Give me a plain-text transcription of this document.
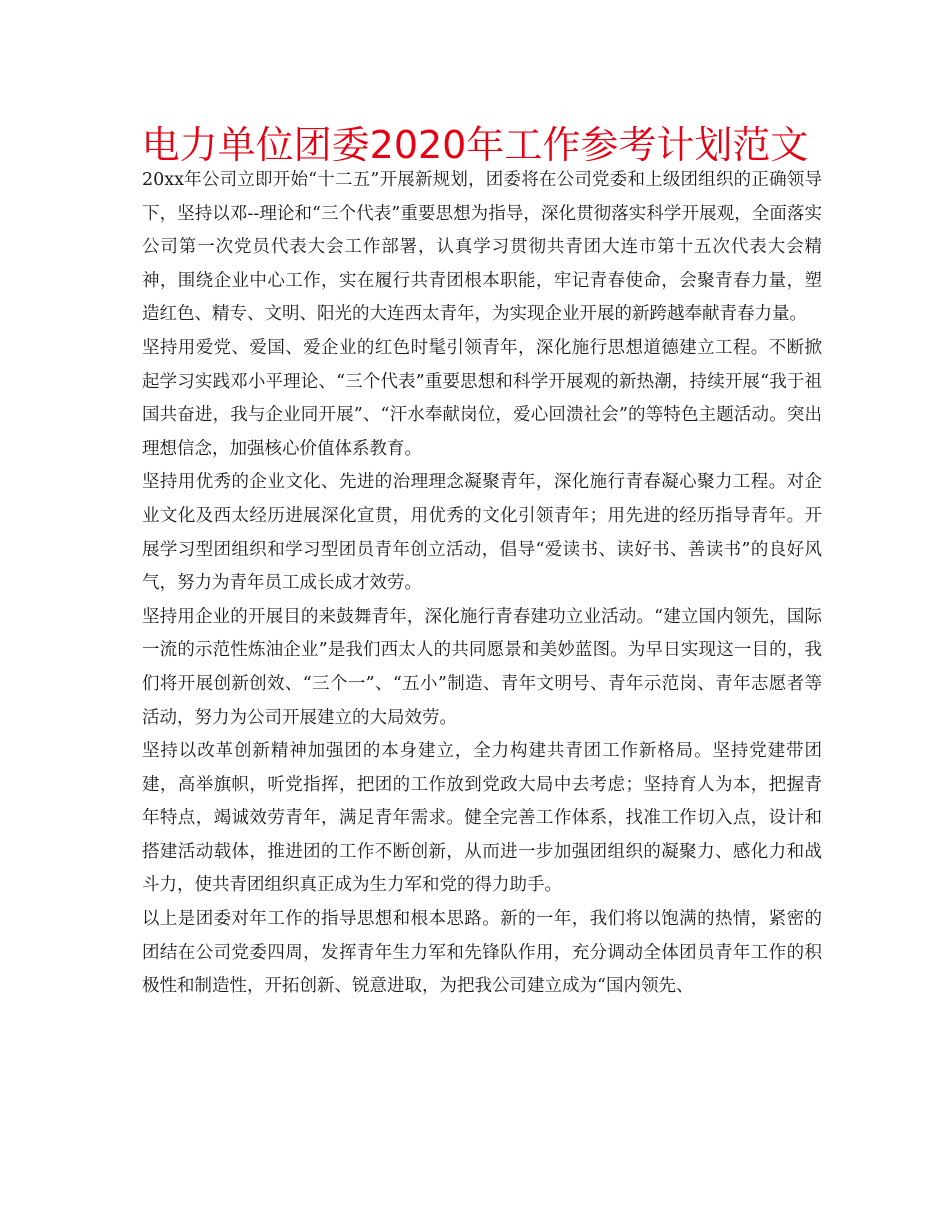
电力单位团委2020年工作参考计划范文

20xx年公司立即开始“十二五”开展新规划，团委将在公司党委和上级团组织的正确领导下，坚持以邓--理论和“三个代表”重要思想为指导，深化贯彻落实科学开展观，全面落实公司第一次党员代表大会工作部署，认真学习贯彻共青团大连市第十五次代表大会精神，围绕企业中心工作，实在履行共青团根本职能，牢记青春使命，会聚青春力量，塑造红色、精专、文明、阳光的大连西太青年，为实现企业开展的新跨越奉献青春力量。

坚持用爱党、爱国、爱企业的红色时髦引领青年，深化施行思想道德建立工程。不断掀起学习实践邓小平理论、“三个代表”重要思想和科学开展观的新热潮，持续开展“我于祖国共奋进，我与企业同开展”、“汗水奉献岗位，爱心回溃社会”的等特色主题活动。突出理想信念，加强核心价值体系教育。

坚持用优秀的企业文化、先进的治理理念凝聚青年，深化施行青春凝心聚力工程。对企业文化及西太经历进展深化宣贯，用优秀的文化引领青年；用先进的经历指导青年。开展学习型团组织和学习型团员青年创立活动，倡导“爱读书、读好书、善读书”的良好风气，努力为青年员工成长成才效劳。

坚持用企业的开展目的来鼓舞青年，深化施行青春建功立业活动。“建立国内领先，国际一流的示范性炼油企业”是我们西太人的共同愿景和美妙蓝图。为早日实现这一目的，我们将开展创新创效、“三个一”、“五小”制造、青年文明号、青年示范岗、青年志愿者等活动，努力为公司开展建立的大局效劳。

坚持以改革创新精神加强团的本身建立，全力构建共青团工作新格局。坚持党建带团建，高举旗帜，听党指挥，把团的工作放到党政大局中去考虑；坚持育人为本，把握青年特点，竭诚效劳青年，满足青年需求。健全完善工作体系，找准工作切入点，设计和搭建活动载体，推进团的工作不断创新，从而进一步加强团组织的凝聚力、感化力和战斗力，使共青团组织真正成为生力军和党的得力助手。

以上是团委对年工作的指导思想和根本思路。新的一年，我们将以饱满的热情，紧密的团结在公司党委四周，发挥青年生力军和先锋队作用，充分调动全体团员青年工作的积极性和制造性，开拓创新、锐意进取，为把我公司建立成为“国内领先、
